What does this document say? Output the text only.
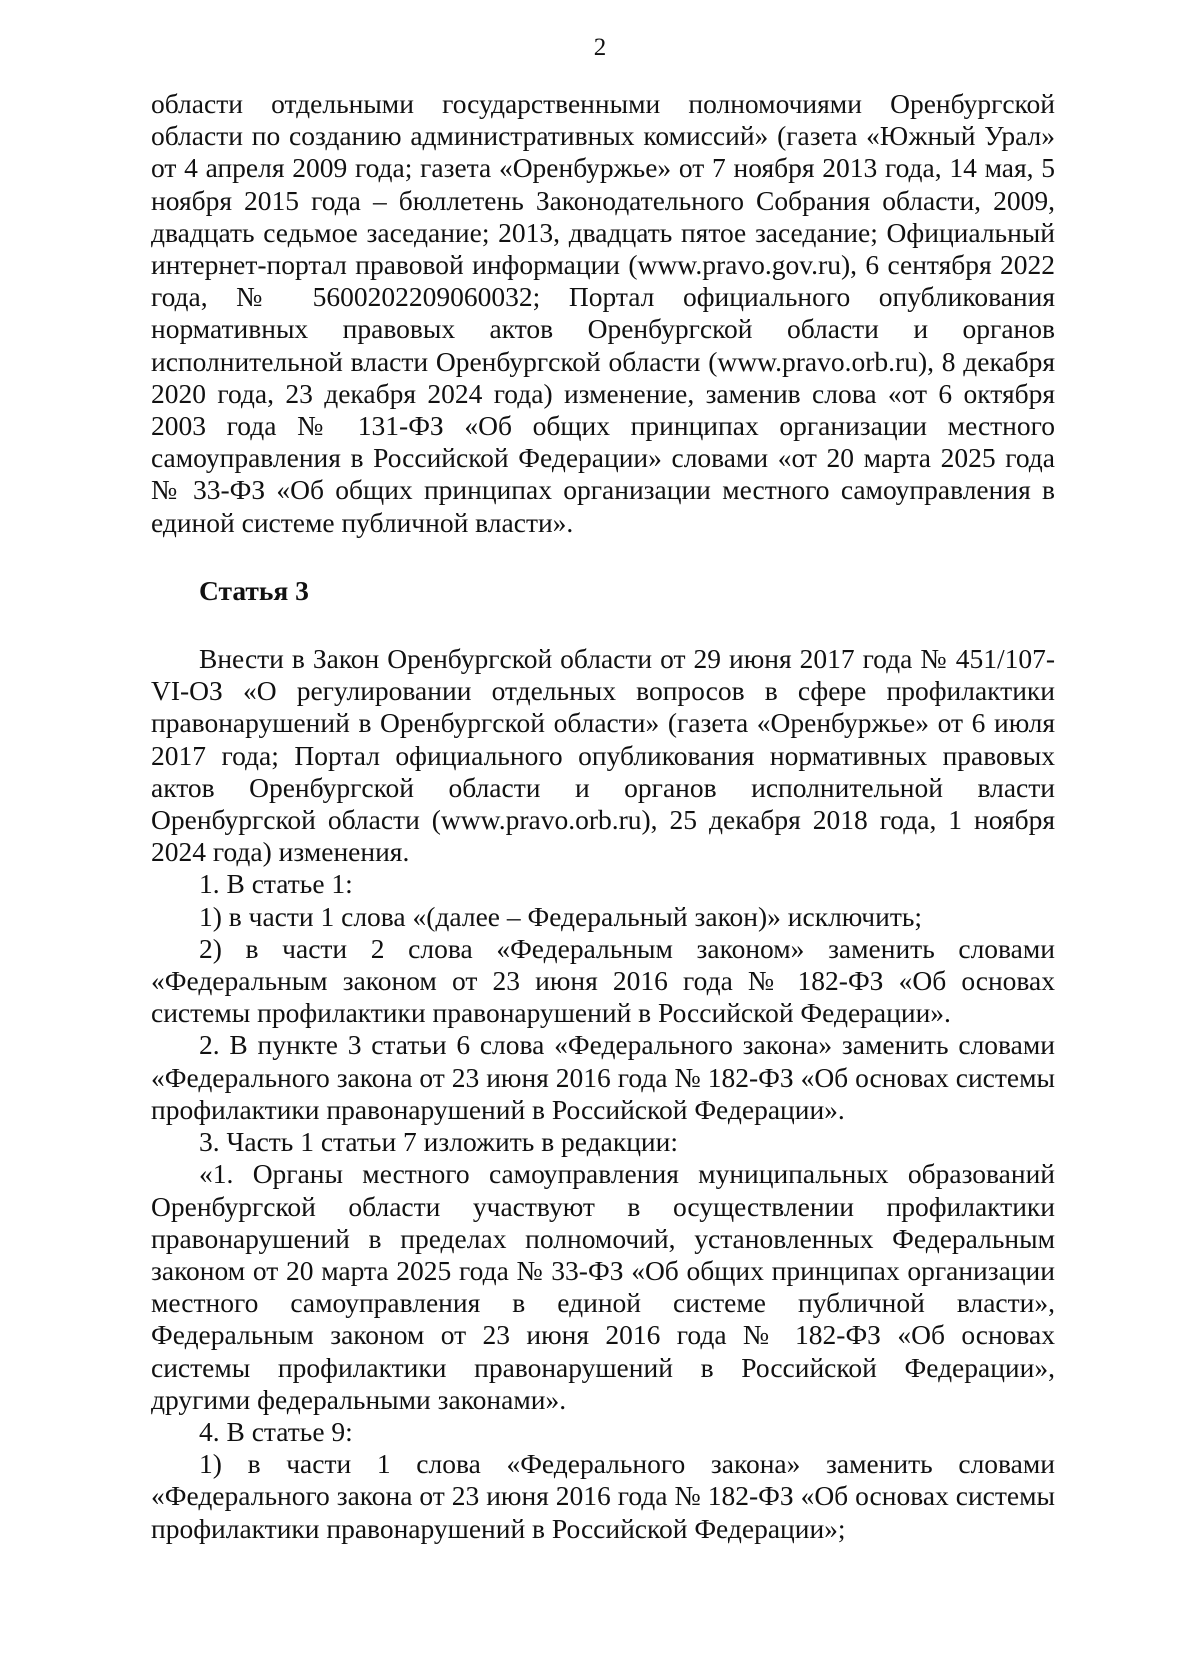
2

области отдельными государственными полномочиями Оренбургской области по созданию административных комиссий» (газета «Южный Урал» от 4 апреля 2009 года; газета «Оренбуржье» от 7 ноября 2013 года, 14 мая, 5 ноября 2015 года – бюллетень Законодательного Собрания области, 2009, двадцать седьмое заседание; 2013, двадцать пятое заседание; Официальный интернет-портал правовой информации (www.pravo.gov.ru), 6 сентября 2022 года, № 5600202209060032; Портал официального опубликования нормативных правовых актов Оренбургской области и органов исполнительной власти Оренбургской области (www.pravo.orb.ru), 8 декабря 2020 года, 23 декабря 2024 года) изменение, заменив слова «от 6 октября 2003 года № 131-ФЗ «Об общих принципах организации местного самоуправления в Российской Федерации» словами «от 20 марта 2025 года № 33-ФЗ «Об общих принципах организации местного самоуправления в единой системе публичной власти».

Статья 3

Внести в Закон Оренбургской области от 29 июня 2017 года № 451/107-VI-ОЗ «О регулировании отдельных вопросов в сфере профилактики правонарушений в Оренбургской области» (газета «Оренбуржье» от 6 июля 2017 года; Портал официального опубликования нормативных правовых актов Оренбургской области и органов исполнительной власти Оренбургской области (www.pravo.orb.ru), 25 декабря 2018 года, 1 ноября 2024 года) изменения.

1. В статье 1:

1) в части 1 слова «(далее – Федеральный закон)» исключить;

2) в части 2 слова «Федеральным законом» заменить словами «Федеральным законом от 23 июня 2016 года № 182-ФЗ «Об основах системы профилактики правонарушений в Российской Федерации».

2. В пункте 3 статьи 6 слова «Федерального закона» заменить словами «Федерального закона от 23 июня 2016 года № 182-ФЗ «Об основах системы профилактики правонарушений в Российской Федерации».

3. Часть 1 статьи 7 изложить в редакции:

«1. Органы местного самоуправления муниципальных образований Оренбургской области участвуют в осуществлении профилактики правонарушений в пределах полномочий, установленных Федеральным законом от 20 марта 2025 года № 33-ФЗ «Об общих принципах организации местного самоуправления в единой системе публичной власти», Федеральным законом от 23 июня 2016 года № 182-ФЗ «Об основах системы профилактики правонарушений в Российской Федерации», другими федеральными законами».

4. В статье 9:

1) в части 1 слова «Федерального закона» заменить словами «Федерального закона от 23 июня 2016 года № 182-ФЗ «Об основах системы профилактики правонарушений в Российской Федерации»;
